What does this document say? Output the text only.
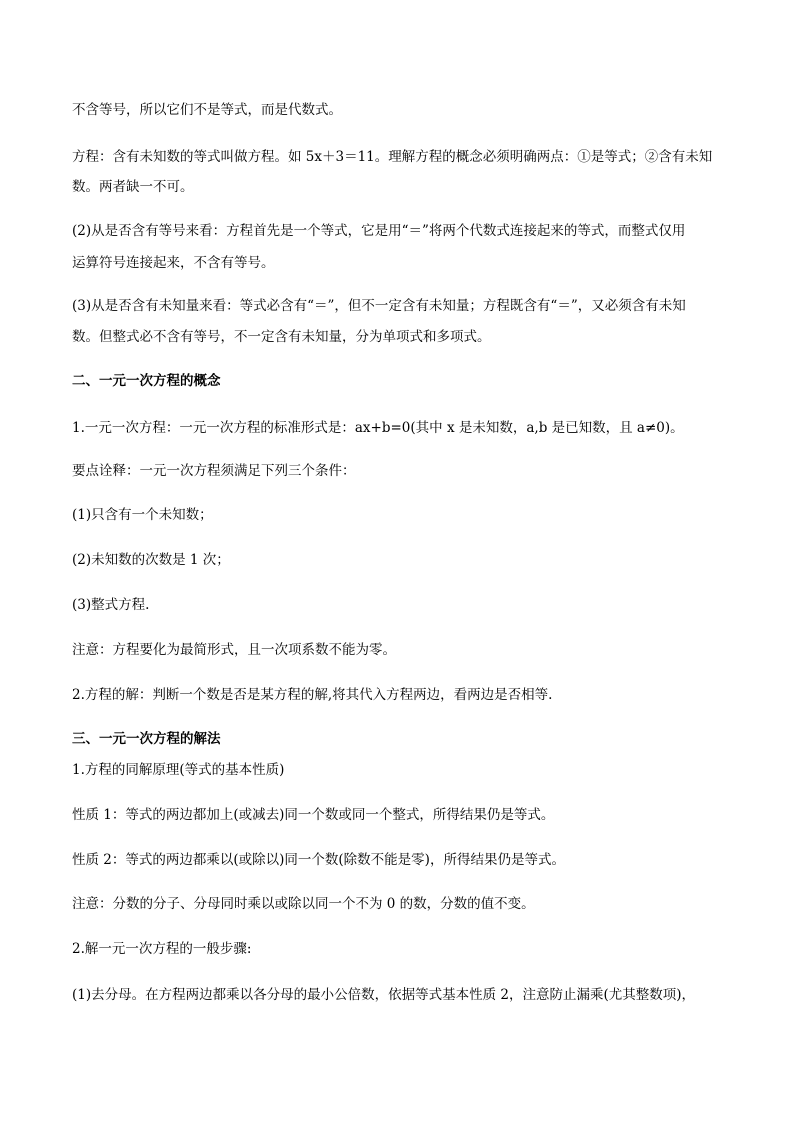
不含等号，所以它们不是等式，而是代数式。
方程：含有未知数的等式叫做方程。如 5x＋3＝11。理解方程的概念必须明确两点：①是等式；②含有未知
数。两者缺一不可。
(2)从是否含有等号来看：方程首先是一个等式，它是用“＝”将两个代数式连接起来的等式，而整式仅用
运算符号连接起来，不含有等号。
(3)从是否含有未知量来看：等式必含有“＝”，但不一定含有未知量；方程既含有“＝”，又必须含有未知
数。但整式必不含有等号，不一定含有未知量，分为单项式和多项式。
二、一元一次方程的概念
1.一元一次方程：一元一次方程的标准形式是：ax+b=0(其中 x 是未知数，a,b 是已知数，且 a≠0)。
要点诠释：一元一次方程须满足下列三个条件：
(1)只含有一个未知数；
(2)未知数的次数是 1 次；
(3)整式方程.
注意：方程要化为最简形式，且一次项系数不能为零。
2.方程的解：判断一个数是否是某方程的解,将其代入方程两边，看两边是否相等.
三、一元一次方程的解法
1.方程的同解原理(等式的基本性质)
性质 1：等式的两边都加上(或减去)同一个数或同一个整式，所得结果仍是等式。
性质 2：等式的两边都乘以(或除以)同一个数(除数不能是零)，所得结果仍是等式。
注意：分数的分子、分母同时乘以或除以同一个不为 0 的数，分数的值不变。
2.解一元一次方程的一般步骤:
(1)去分母。在方程两边都乘以各分母的最小公倍数，依据等式基本性质 2，注意防止漏乘(尤其整数项)，
